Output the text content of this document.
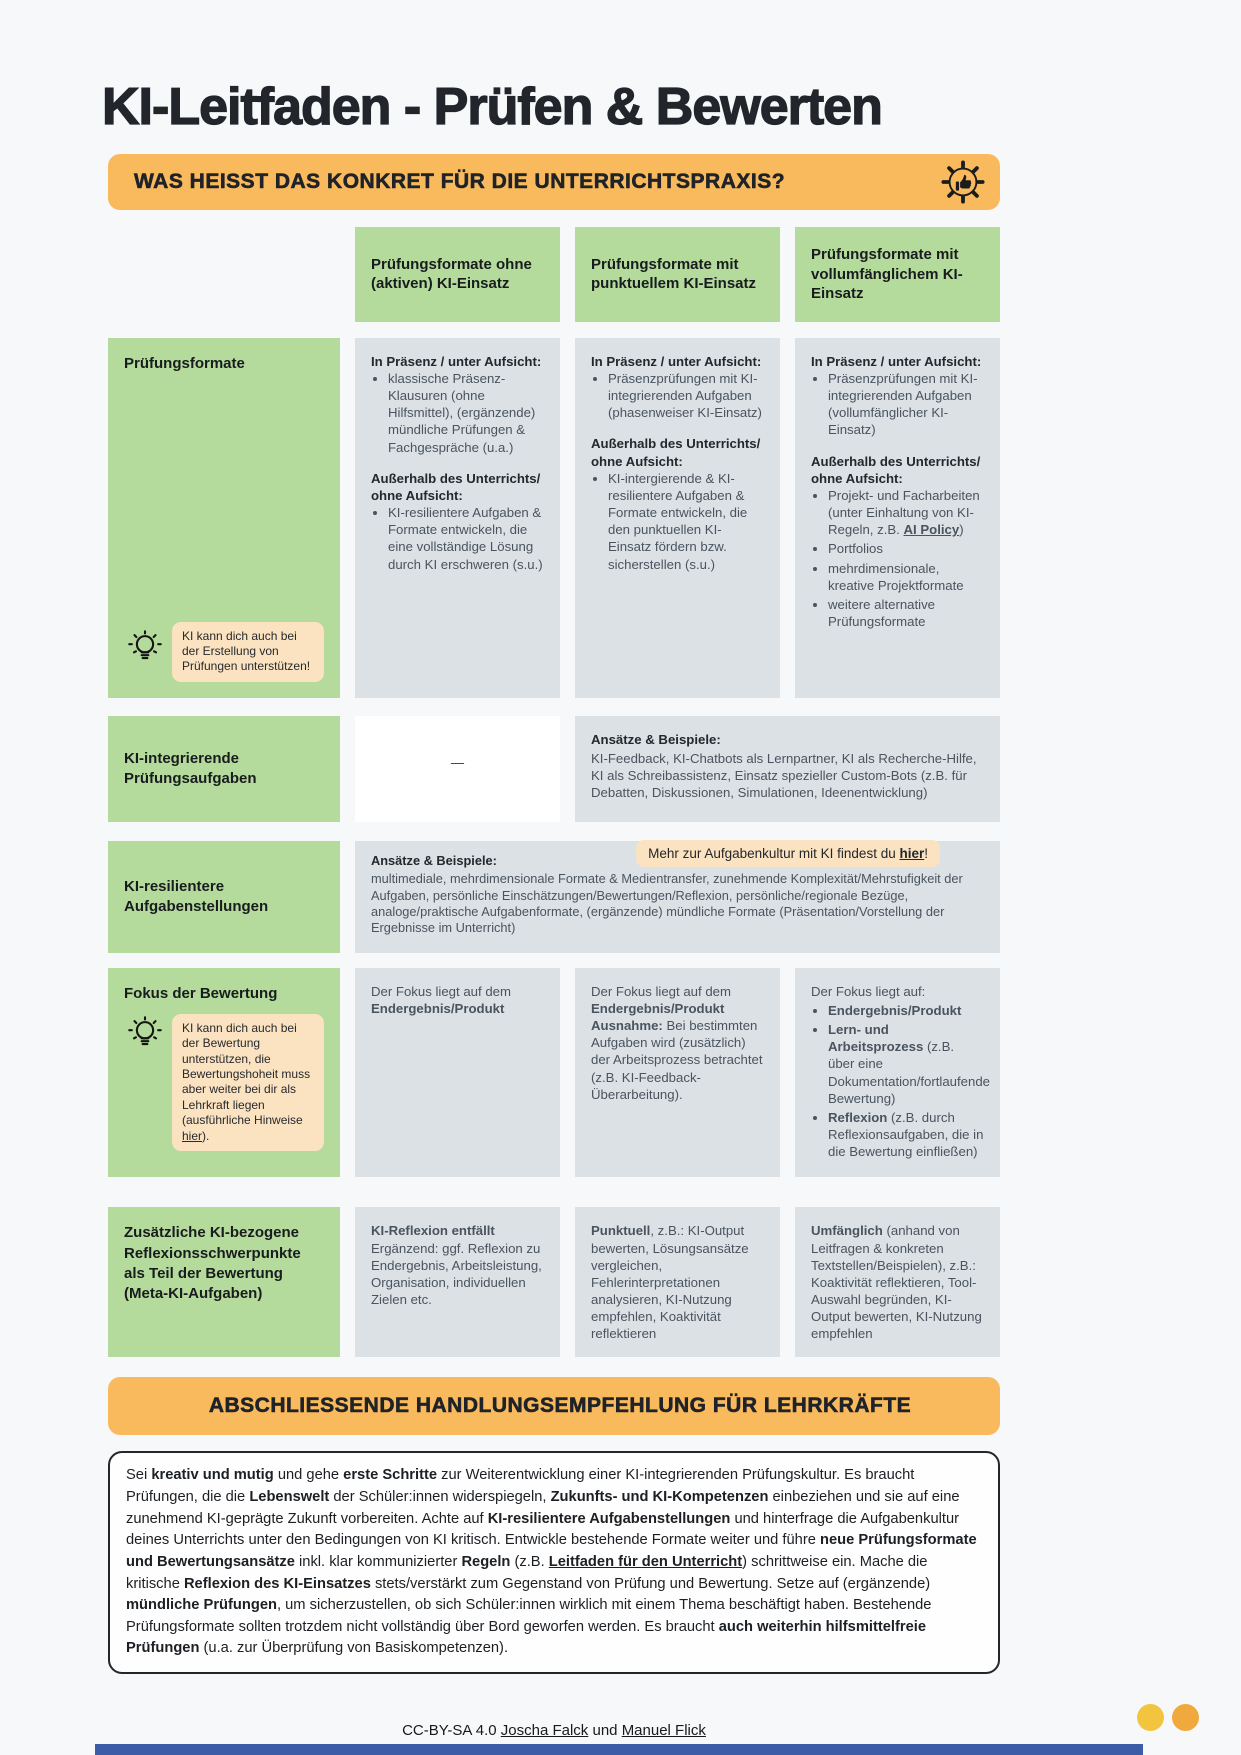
KI-Leitfaden - Prüfen & Bewerten
WAS HEISST DAS KONKRET FÜR DIE UNTERRICHTSPRAXIS?
Prüfungsformate ohne (aktiven) KI-Einsatz
Prüfungsformate mit punktuellem KI-Einsatz
Prüfungsformate mit vollumfänglichem KI-Einsatz

Prüfungsformate

KI kann dich auch bei der Erstellung von Prüfungen unterstützen!

In Präsenz / unter Aufsicht:

• klassische Präsenz-Klausuren (ohne Hilfsmittel), (ergänzende) mündliche Prüfungen & Fachgespräche (u.a.)

Außerhalb des Unterrichts/ ohne Aufsicht:

• KI-resilientere Aufgaben & Formate entwickeln, die eine vollständige Lösung durch KI erschweren (s.u.)

In Präsenz / unter Aufsicht:

• Präsenzprüfungen mit KI-integrierenden Aufgaben (phasenweiser KI-Einsatz)

Außerhalb des Unterrichts/ ohne Aufsicht:

• KI-intergierende & KI-resilientere Aufgaben & Formate entwickeln, die den punktuellen KI-Einsatz fördern bzw. sicherstellen (s.u.)

In Präsenz / unter Aufsicht:

• Präsenzprüfungen mit KI-integrierenden Aufgaben (vollumfänglicher KI-Einsatz)

Außerhalb des Unterrichts/ ohne Aufsicht:

• Projekt- und Facharbeiten (unter Einhaltung von KI-Regeln, z.B. AI Policy)
• Portfolios
• mehrdimensionale, kreative Projektformate
• weitere alternative Prüfungsformate

KI-integrierende Prüfungsaufgaben

—

Ansätze & Beispiele:

KI-Feedback, KI-Chatbots als Lernpartner, KI als Recherche-Hilfe, KI als Schreibassistenz, Einsatz spezieller Custom-Bots (z.B. für Debatten, Diskussionen, Simulationen, Ideenentwicklung)

Mehr zur Aufgabenkultur mit KI findest du hier!

KI-resilientere Aufgabenstellungen

Ansätze & Beispiele:

multimediale, mehrdimensionale Formate & Medientransfer, zunehmende Komplexität/Mehrstufigkeit der Aufgaben, persönliche Einschätzungen/Bewertungen/Reflexion, persönliche/regionale Bezüge, analoge/praktische Aufgabenformate, (ergänzende) mündliche Formate (Präsentation/Vorstellung der Ergebnisse im Unterricht)

Fokus der Bewertung

KI kann dich auch bei der Bewertung unterstützen, die Bewertungshoheit muss aber weiter bei dir als Lehrkraft liegen (ausführliche Hinweise hier).

Der Fokus liegt auf dem Endergebnis/Produkt

Der Fokus liegt auf dem Endergebnis/Produkt

Ausnahme: Bei bestimmten Aufgaben wird (zusätzlich) der Arbeitsprozess betrachtet (z.B. KI-Feedback-Überarbeitung).

Der Fokus liegt auf:

• Endergebnis/Produkt
• Lern- und Arbeitsprozess (z.B. über eine Dokumentation/fortlaufende Bewertung)
• Reflexion (z.B. durch Reflexionsaufgaben, die in die Bewertung einfließen)

Zusätzliche KI-bezogene Reflexionsschwerpunkte als Teil der Bewertung (Meta-KI-Aufgaben)

KI-Reflexion entfällt

Ergänzend: ggf. Reflexion zu Endergebnis, Arbeitsleistung, Organisation, individuellen Zielen etc.

Punktuell, z.B.: KI-Output bewerten, Lösungsansätze vergleichen, Fehlerinterpretationen analysieren, KI-Nutzung empfehlen, Koaktivität reflektieren

Umfänglich (anhand von Leitfragen & konkreten Textstellen/Beispielen), z.B.: Koaktivität reflektieren, Tool-Auswahl begründen, KI-Output bewerten, KI-Nutzung empfehlen

ABSCHLIESSENDE HANDLUNGSEMPFEHLUNG FÜR LEHRKRÄFTE

Sei kreativ und mutig und gehe erste Schritte zur Weiterentwicklung einer KI-integrierenden Prüfungskultur. Es braucht Prüfungen, die die Lebenswelt der Schüler:innen widerspiegeln, Zukunfts- und KI-Kompetenzen einbeziehen und sie auf eine zunehmend KI-geprägte Zukunft vorbereiten. Achte auf KI-resilientere Aufgabenstellungen und hinterfrage die Aufgabenkultur deines Unterrichts unter den Bedingungen von KI kritisch. Entwickle bestehende Formate weiter und führe neue Prüfungsformate und Bewertungsansätze inkl. klar kommunizierter Regeln (z.B. Leitfaden für den Unterricht) schrittweise ein. Mache die kritische Reflexion des KI-Einsatzes stets/verstärkt zum Gegenstand von Prüfung und Bewertung. Setze auf (ergänzende) mündliche Prüfungen, um sicherzustellen, ob sich Schüler:innen wirklich mit einem Thema beschäftigt haben. Bestehende Prüfungsformate sollten trotzdem nicht vollständig über Bord geworfen werden. Es braucht auch weiterhin hilfsmittelfreie Prüfungen (u.a. zur Überprüfung von Basiskompetenzen).

CC-BY-SA 4.0 Joscha Falck und Manuel Flick
